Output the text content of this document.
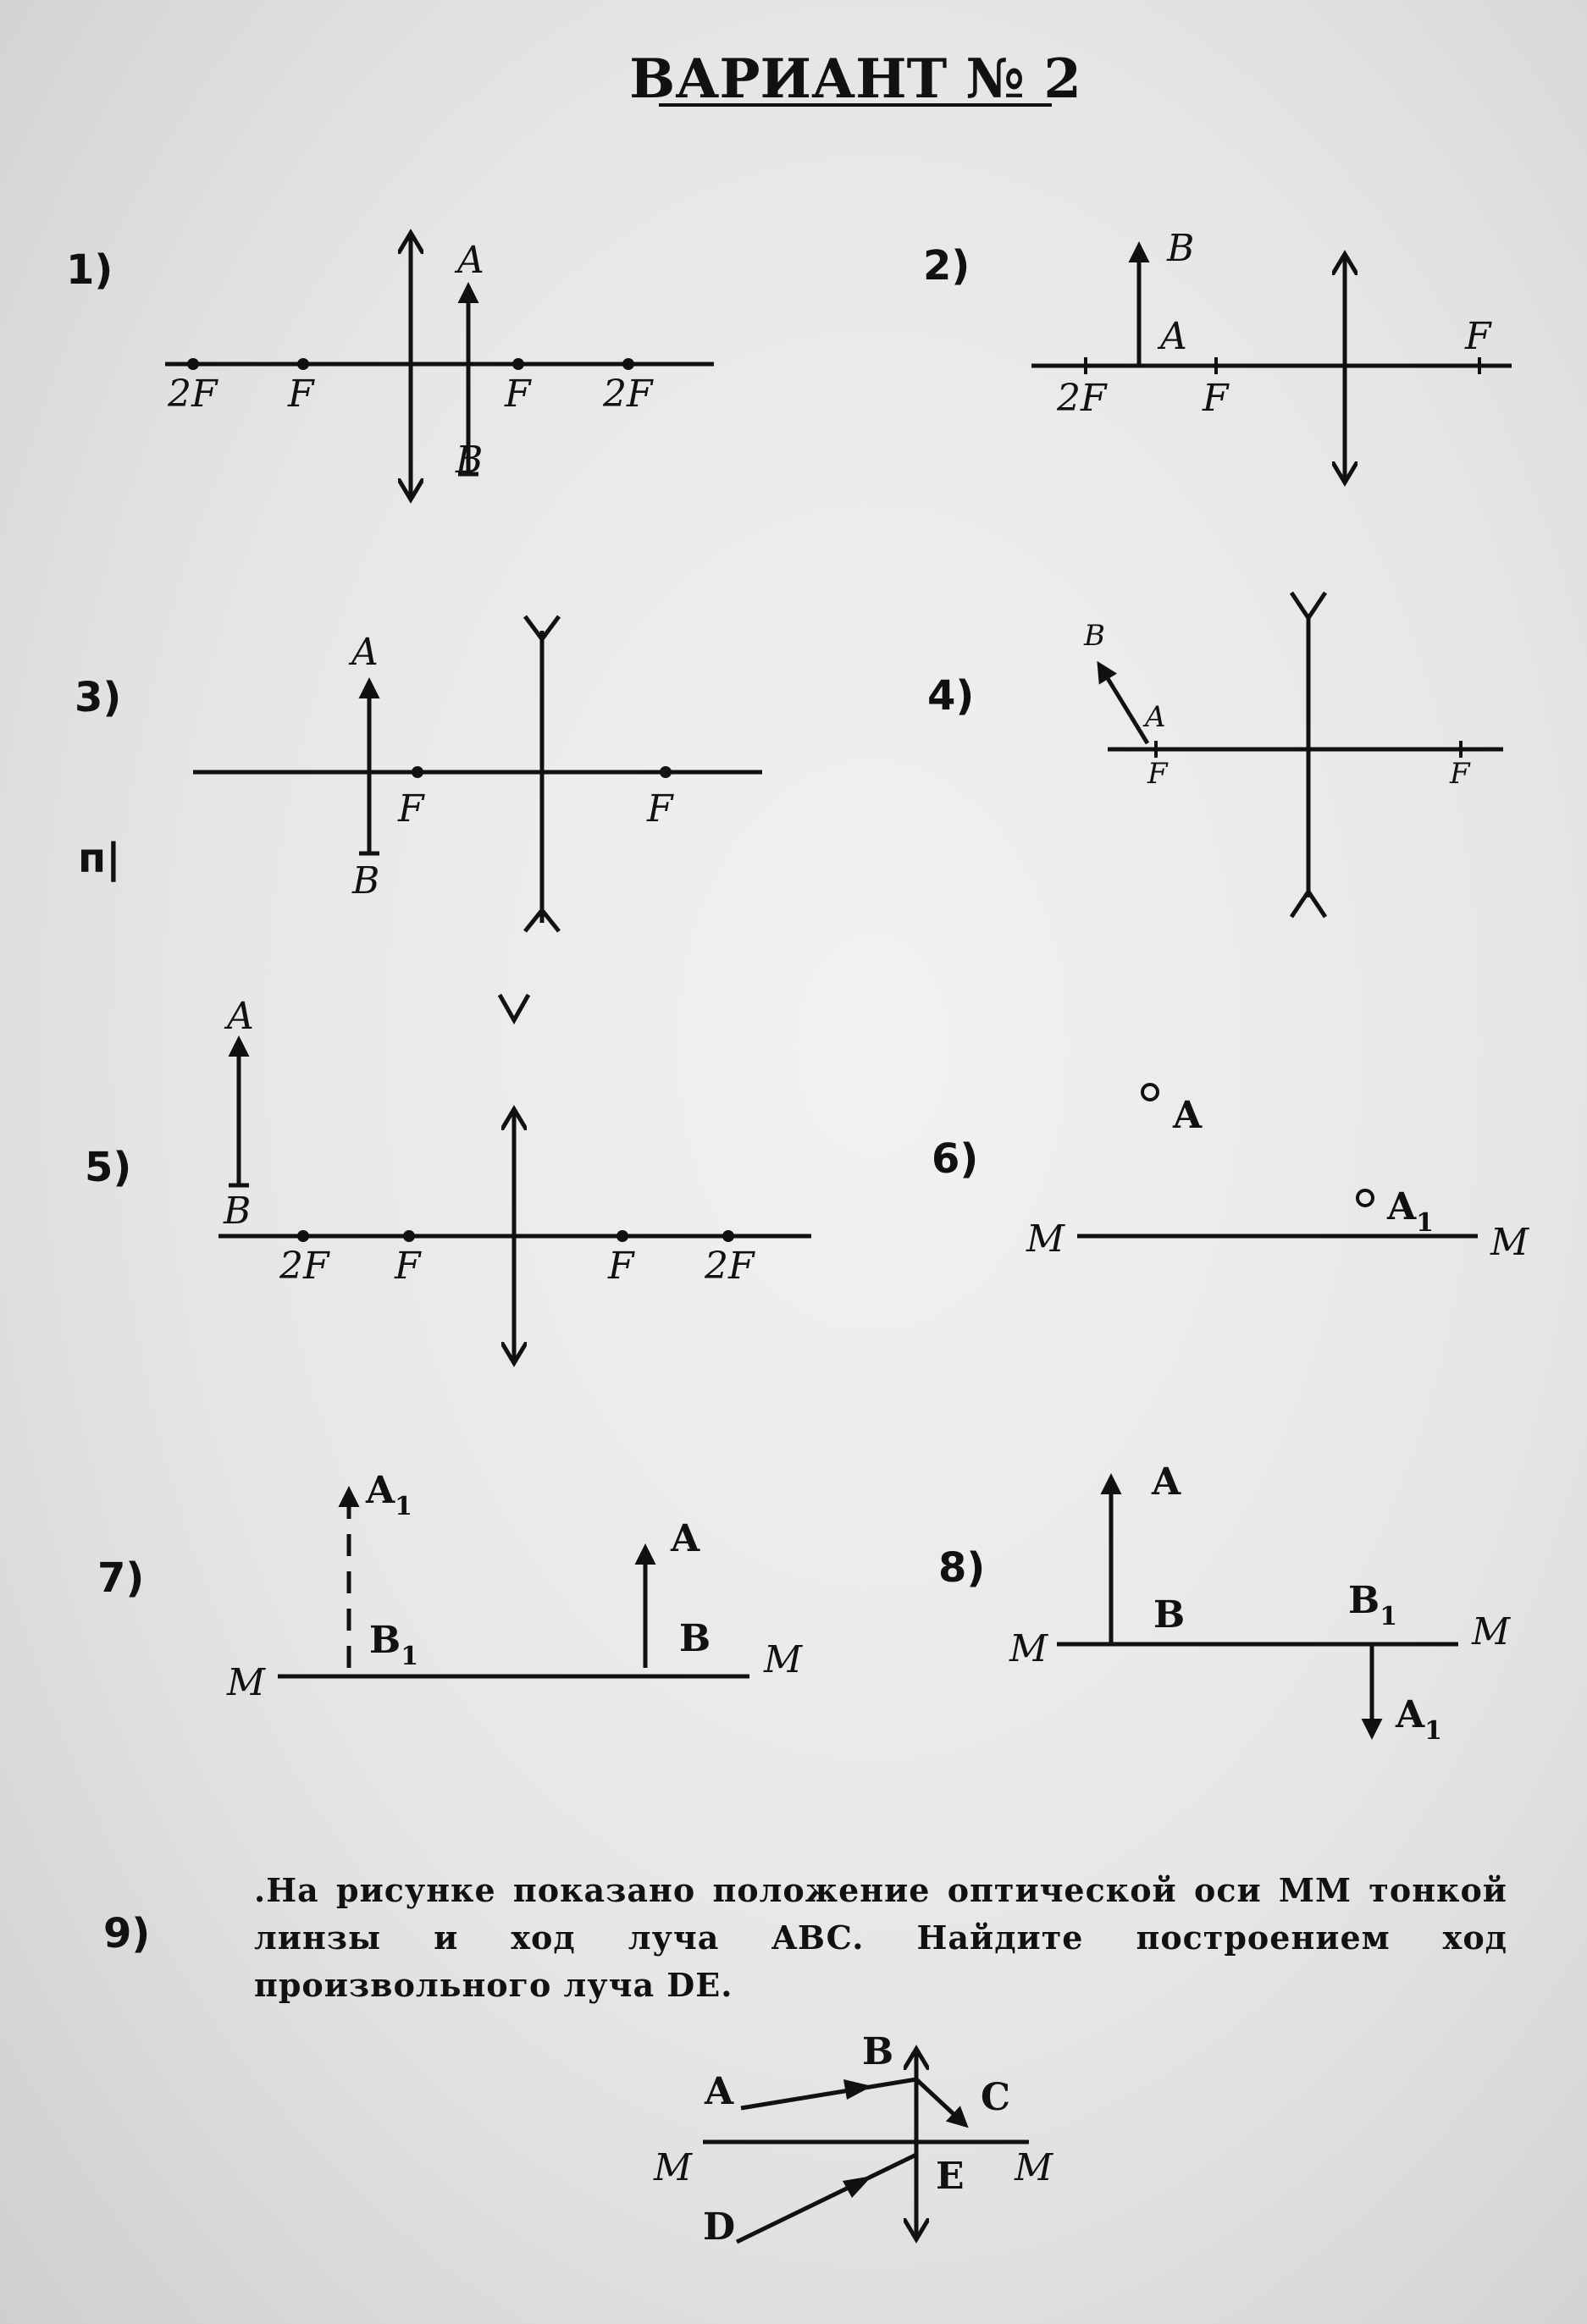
.На рисунке показано положение оптической оси MM тонкой линзы и ход луча ABC. Найдите построением ход произвольного луча DE.
ВАРИАНТ № 2
1)	A
B
2F F	F 2F
2)	B
A
2F	F
F
3)
п|
A
B
F	F
4)
B
A
F	F
5)
A
B
2F F	F 2F
6)
A
$A_1$
M	M
7)
$A_1$
$B_1$
A
B
M
M
8)
A
B	$B_1$
$A_1$
M	M
9)
A
B
C
D
E
M	M
